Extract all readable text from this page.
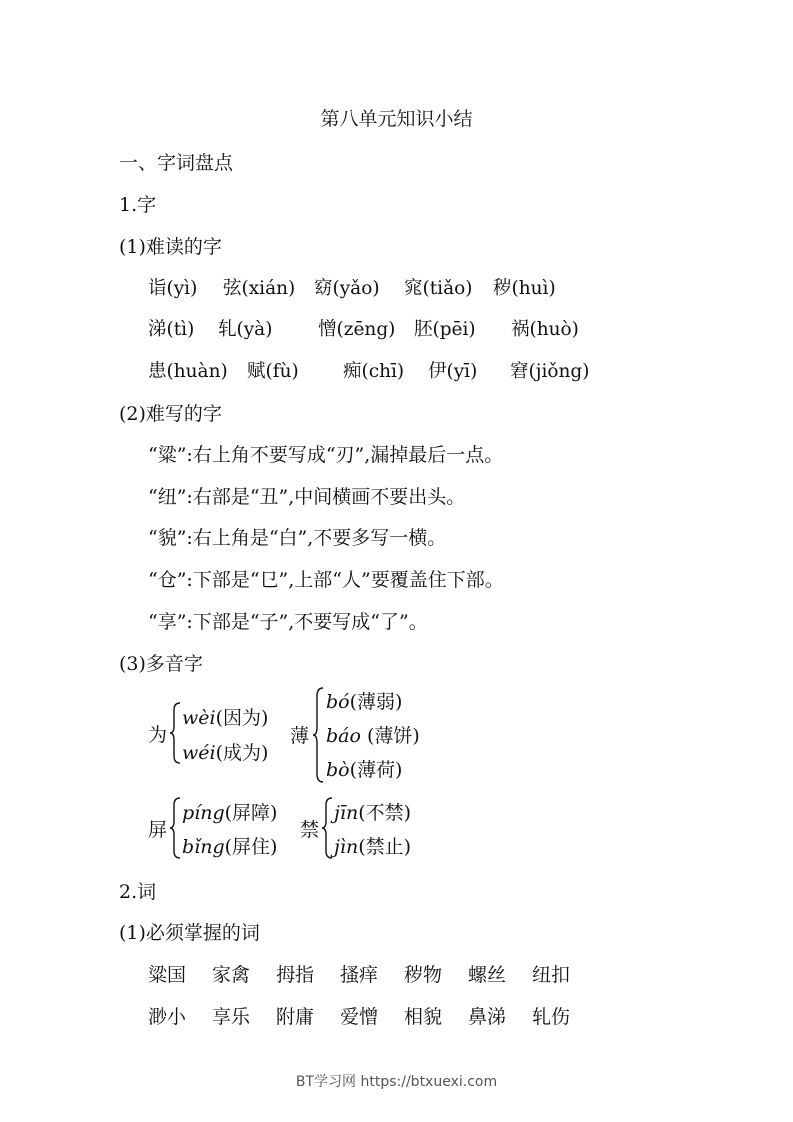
第八单元知识小结
一、字词盘点
1.字
(1)难读的字
诣(yì) 弦(xián) 窈(yǎo) 窕(tiǎo) 秽(huì)
涕(tì) 轧(yà) 憎(zēng) 胚(pēi) 祸(huò)
患(huàn) 赋(fù) 痴(chī) 伊(yī) 窘(jiǒng)
(2)难写的字
“粱”:右上角不要写成“刃”,漏掉最后一点。
“纽”:右部是“丑”,中间横画不要出头。
“貌”:右上角是“白”,不要多写一横。
“仓”:下部是“㔾”,上部“人”要覆盖住下部。
“享”:下部是“子”,不要写成“了”。
(3)多音字
为
wèi(因为)
wéi(成为)
薄
bó(薄弱)
báo (薄饼)
bò(薄荷)
屏
píng(屏障)
bǐng(屏住)
禁
jīn(不禁)
jìn(禁止)
2.词
(1)必须掌握的词
粱国 家禽 拇指 搔痒 秽物 螺丝 纽扣
渺小 享乐 附庸 爱憎 相貌 鼻涕 轧伤
BT学习网 https://btxuexi.com
